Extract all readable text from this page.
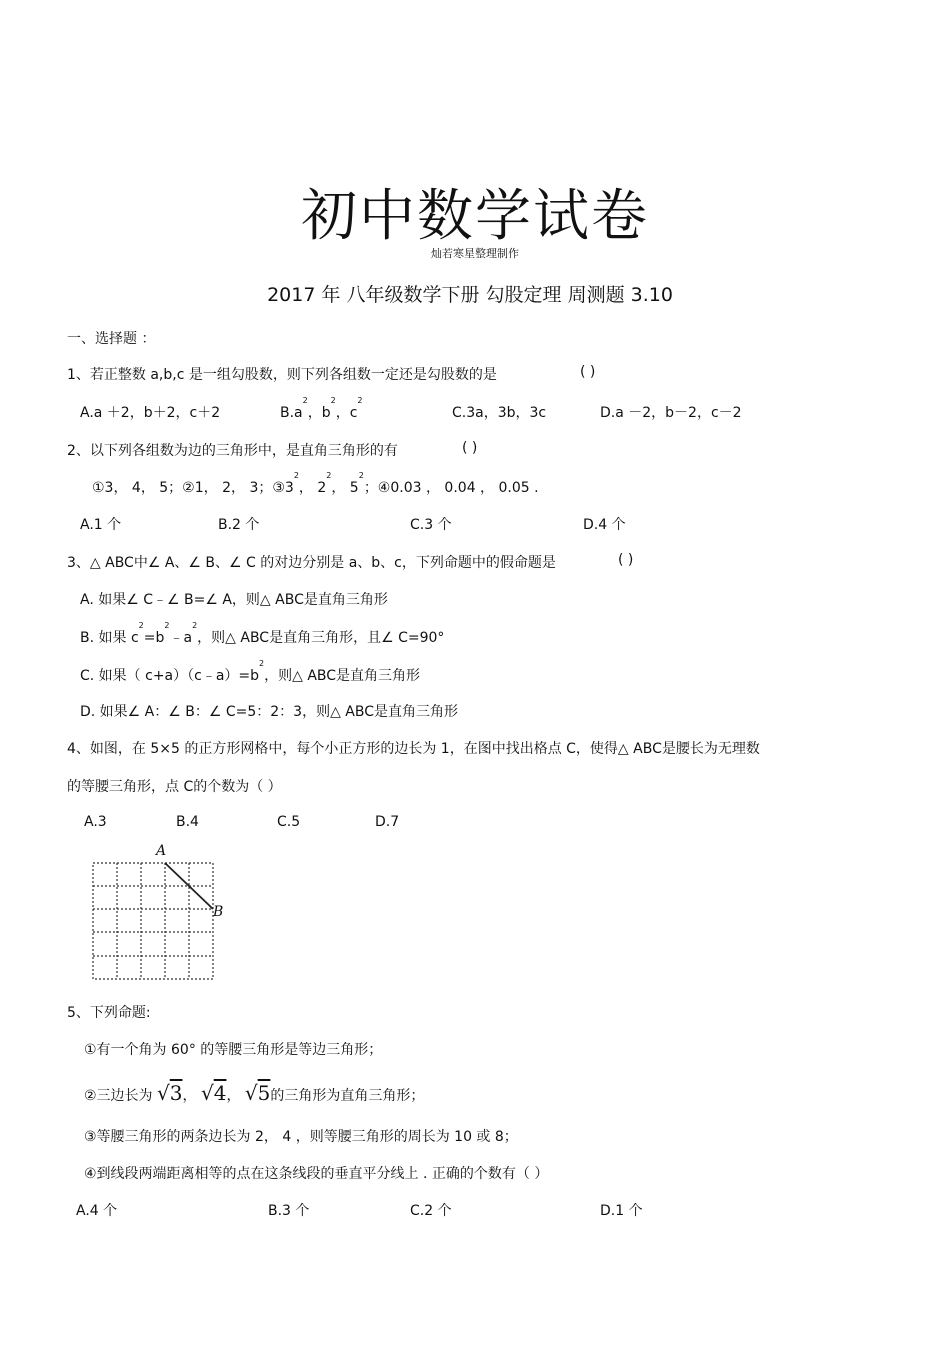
初中数学试卷
灿若寒星整理制作
2017 年 八年级数学下册 勾股定理 周测题 3.10
一、选择题 ：
1、若正整数 a,b,c 是一组勾股数，则下列各组数一定还是勾股数的是	( )
A.a ＋2，b＋2，c＋2	$B.a^2$，$b^2$，$c^2$
C.3a，3b，3c	D.a －2，b－2，c－2
2、以下列各组数为边的三角形中，是直角三角形的有	( )
①3， 4， 5；②1， 2， 3；$③3^2$， $2^2$， $5^2$；④0.03 ， 0.04 ， 0.05 .
A.1 个	B.2 个	C.3 个	D.4 个
3、△ ABC中∠ A、∠ B、∠ C 的对边分别是 a、b、c，下列命题中的假命题是	( )
A. 如果∠ C﹣∠ B=∠ A，则△ ABC是直角三角形
B. 如果 $c^2=b^2﹣a^2$，则△ ABC是直角三角形，且∠ C=90°
C. 如果（ $c+a)(c﹣a)=b^2$，则△ ABC是直角三角形
D. 如果∠ A：∠ B：∠ C=5：2：3，则△ ABC是直角三角形
4、如图，在 5×5 的正方形网格中，每个小正方形的边长为 1，在图中找出格点 C，使得△ ABC是腰长为无理数
的等腰三角形，点 C的个数为（ ）
A.3	B.4	C.5	D.7
A
B
5、下列命题:
①有一个角为 60° 的等腰三角形是等边三角形；
②三边长为 √3， √4， √5的三角形为直角三角形；
③等腰三角形的两条边长为 2， 4 ，则等腰三角形的周长为 10 或 8；
④到线段两端距离相等的点在这条线段的垂直平分线上 . 正确的个数有（ ）
A.4 个	B.3 个	C.2 个	D.1 个
